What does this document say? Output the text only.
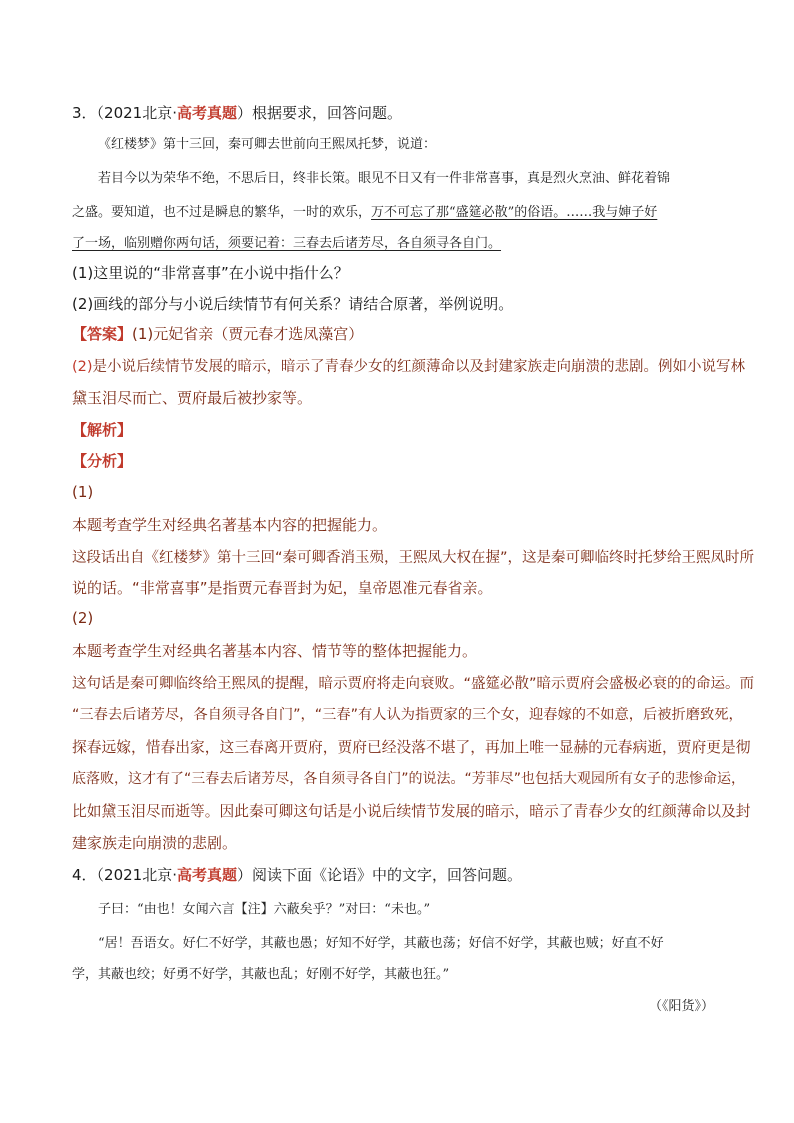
3．（2021北京·高考真题）根据要求，回答问题。
《红楼梦》第十三回，秦可卿去世前向王熙凤托梦，说道：
若目今以为荣华不绝，不思后日，终非长策。眼见不日又有一件非常喜事，真是烈火烹油、鲜花着锦
之盛。要知道，也不过是瞬息的繁华，一时的欢乐，万不可忘了那“盛筵必散”的俗语。……我与婶子好
了一场，临别赠你两句话，须要记着：三春去后诸芳尽，各自须寻各自门。
(1)这里说的“非常喜事”在小说中指什么？
(2)画线的部分与小说后续情节有何关系？请结合原著，举例说明。
【答案】(1)元妃省亲（贾元春才选凤藻宫）
(2)是小说后续情节发展的暗示，暗示了青春少女的红颜薄命以及封建家族走向崩溃的悲剧。例如小说写林
黛玉泪尽而亡、贾府最后被抄家等。
【解析】
【分析】
(1)
本题考查学生对经典名著基本内容的把握能力。
这段话出自《红楼梦》第十三回“秦可卿香消玉殒，王熙凤大权在握”，这是秦可卿临终时托梦给王熙凤时所
说的话。“非常喜事”是指贾元春晋封为妃，皇帝恩准元春省亲。
(2)
本题考查学生对经典名著基本内容、情节等的整体把握能力。
这句话是秦可卿临终给王熙凤的提醒，暗示贾府将走向衰败。“盛筵必散”暗示贾府会盛极必衰的的命运。而
“三春去后诸芳尽，各自须寻各自门”，“三春”有人认为指贾家的三个女，迎春嫁的不如意，后被折磨致死，
探春远嫁，惜春出家，这三春离开贾府，贾府已经没落不堪了，再加上唯一显赫的元春病逝，贾府更是彻
底落败，这才有了“三春去后诸芳尽，各自须寻各自门”的说法。“芳菲尽”也包括大观园所有女子的悲惨命运，
比如黛玉泪尽而逝等。因此秦可卿这句话是小说后续情节发展的暗示，暗示了青春少女的红颜薄命以及封
建家族走向崩溃的悲剧。
4．（2021北京·高考真题）阅读下面《论语》中的文字，回答问题。
子曰：“由也！女闻六言【注】六蔽矣乎？”对曰：“未也。”
“居！吾语女。好仁不好学，其蔽也愚；好知不好学，其蔽也荡；好信不好学，其蔽也贼；好直不好
学，其蔽也绞；好勇不好学，其蔽也乱；好刚不好学，其蔽也狂。”
（《阳货》）
